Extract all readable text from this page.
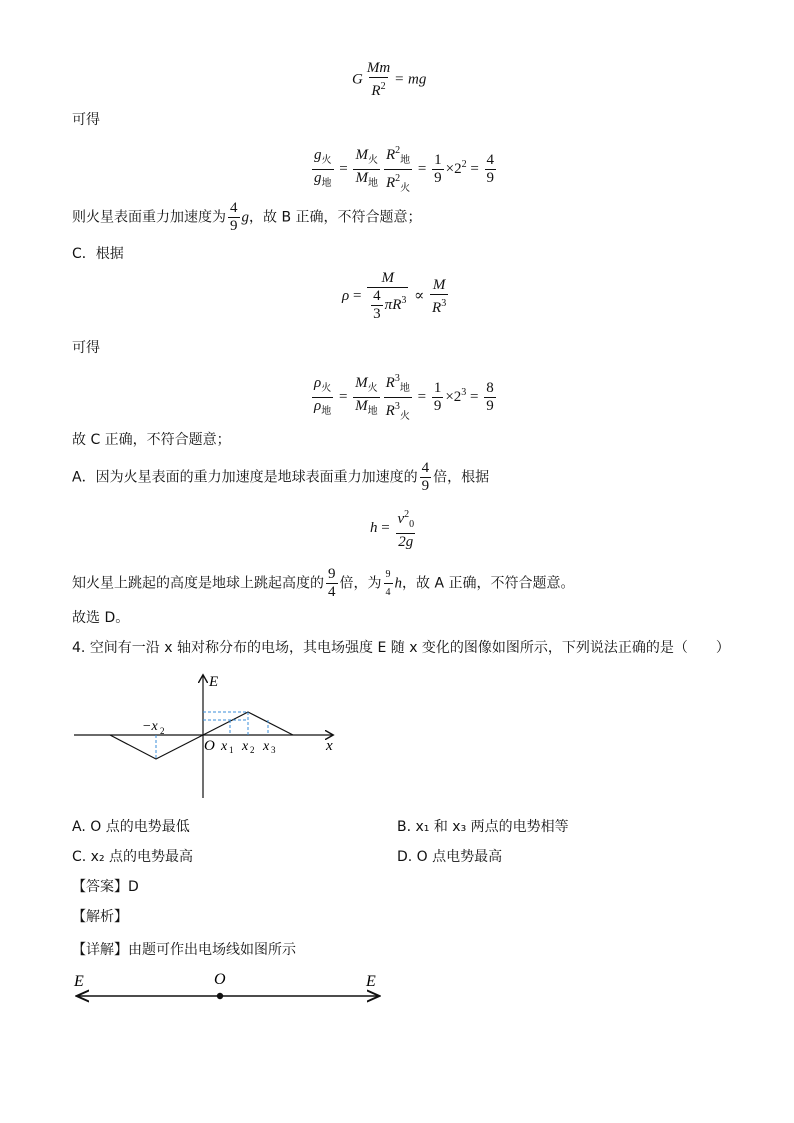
G $\frac{Mm}{R^2}$ = mg
可得
$\frac{g_火}{g_地} = \frac{M_火}{M_地} \frac{R^2_地}{R^2_火} = \frac{1}{9} \times 2^2 = \frac{4}{9}$
则火星表面重力加速度为 $\frac{4}{9}$ g，故 B 正确，不符合题意；
C．根据
$\rho = \frac{M}{\frac{4}{3} \pi R^3} \propto \frac{M}{R^3}$
可得
$\frac{\rho_火}{\rho_地} = \frac{M_火}{M_地} \frac{R^3_地}{R^3_火} = \frac{1}{9} \times 2^3 = \frac{8}{9}$
故 C 正确，不符合题意；
A．因为火星表面的重力加速度是地球表面重力加速度的 $\frac{4}{9}$ 倍，根据
$h = \frac{v^2_0}{2g}$
知火星上跳起的高度是地球上跳起高度的 $\frac{9}{4}$ 倍，为 $\frac{9}{4}$ h，故 A 正确，不符合题意。
故选 D。
4. 空间有一沿 x 轴对称分布的电场，其电场强度 E 随 x 变化的图像如图所示，下列说法正确的是（　　）
E
x
O
−x 2
x 1 x 2 x 3
A. O 点的电势最低	B. x₁ 和 x₃ 两点的电势相等
C. x₂ 点的电势最高	D. O 点电势最高
【答案】D
【解析】
【详解】由题可作出电场线如图所示
E	O	E
